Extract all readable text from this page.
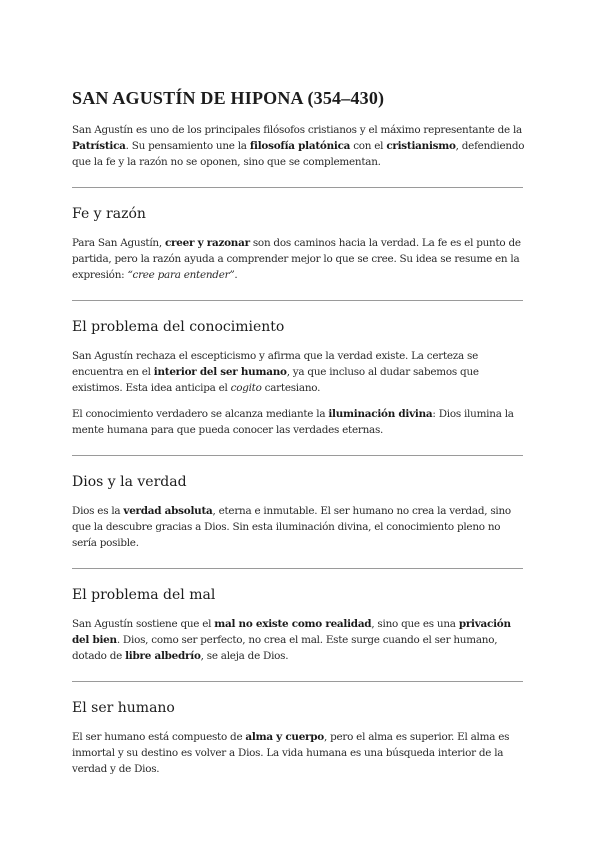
SAN AGUSTÍN DE HIPONA (354–430)

San Agustín es uno de los principales filósofos cristianos y el máximo representante de la Patrística. Su pensamiento une la filosofía platónica con el cristianismo, defendiendo que la fe y la razón no se oponen, sino que se complementan.

Fe y razón

Para San Agustín, creer y razonar son dos caminos hacia la verdad. La fe es el punto de partida, pero la razón ayuda a comprender mejor lo que se cree. Su idea se resume en la expresión: “cree para entender”.

El problema del conocimiento

San Agustín rechaza el escepticismo y afirma que la verdad existe. La certeza se encuentra en el interior del ser humano, ya que incluso al dudar sabemos que existimos. Esta idea anticipa el cogito cartesiano.

El conocimiento verdadero se alcanza mediante la iluminación divina: Dios ilumina la mente humana para que pueda conocer las verdades eternas.

Dios y la verdad

Dios es la verdad absoluta, eterna e inmutable. El ser humano no crea la verdad, sino que la descubre gracias a Dios. Sin esta iluminación divina, el conocimiento pleno no sería posible.

El problema del mal

San Agustín sostiene que el mal no existe como realidad, sino que es una privación del bien. Dios, como ser perfecto, no crea el mal. Este surge cuando el ser humano, dotado de libre albedrío, se aleja de Dios.

El ser humano

El ser humano está compuesto de alma y cuerpo, pero el alma es superior. El alma es inmortal y su destino es volver a Dios. La vida humana es una búsqueda interior de la verdad y de Dios.
